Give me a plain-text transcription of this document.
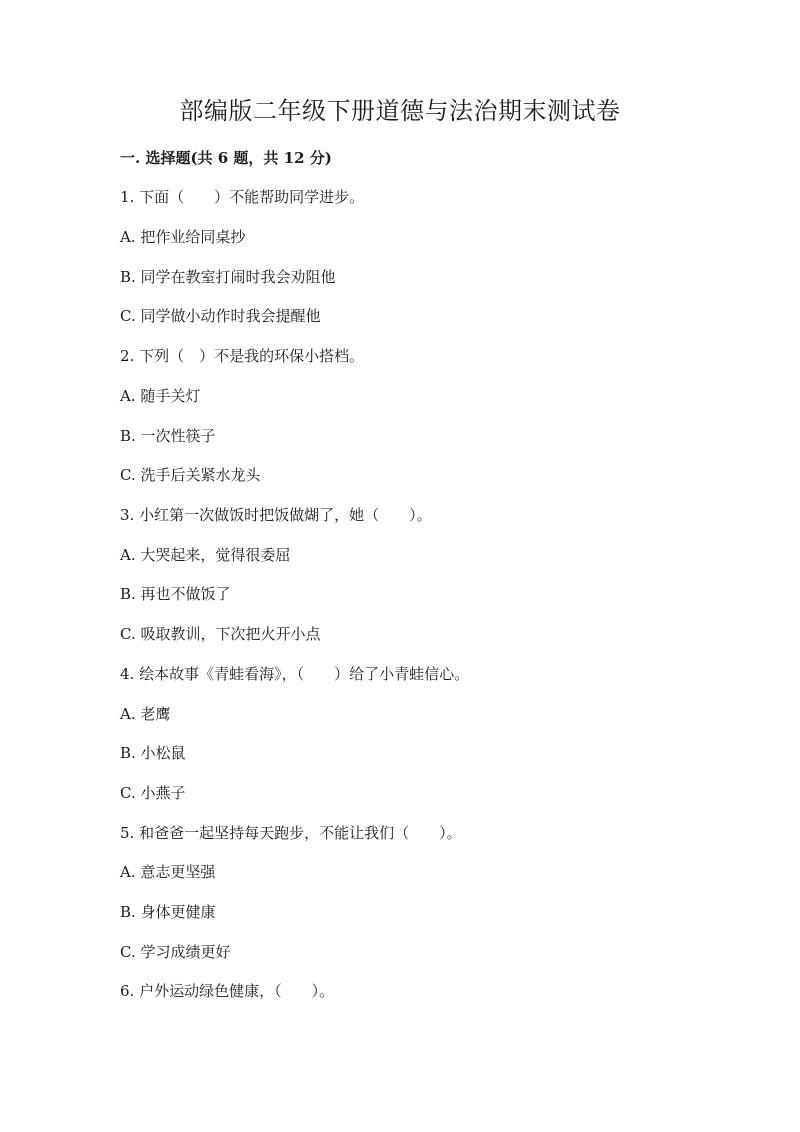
部编版二年级下册道德与法治期末测试卷
一. 选择题(共 6 题，共 12 分)
1. 下面（　　）不能帮助同学进步。
A. 把作业给同桌抄
B. 同学在教室打闹时我会劝阻他
C. 同学做小动作时我会提醒他
2. 下列（　）不是我的环保小搭档。
A. 随手关灯
B. 一次性筷子
C. 洗手后关紧水龙头
3. 小红第一次做饭时把饭做煳了，她（　　）。
A. 大哭起来，觉得很委屈
B. 再也不做饭了
C. 吸取教训，下次把火开小点
4. 绘本故事《青蛙看海》，（　　）给了小青蛙信心。
A. 老鹰
B. 小松鼠
C. 小燕子
5. 和爸爸一起坚持每天跑步，不能让我们（　　）。
A. 意志更坚强
B. 身体更健康
C. 学习成绩更好
6. 户外运动绿色健康，（　　）。
